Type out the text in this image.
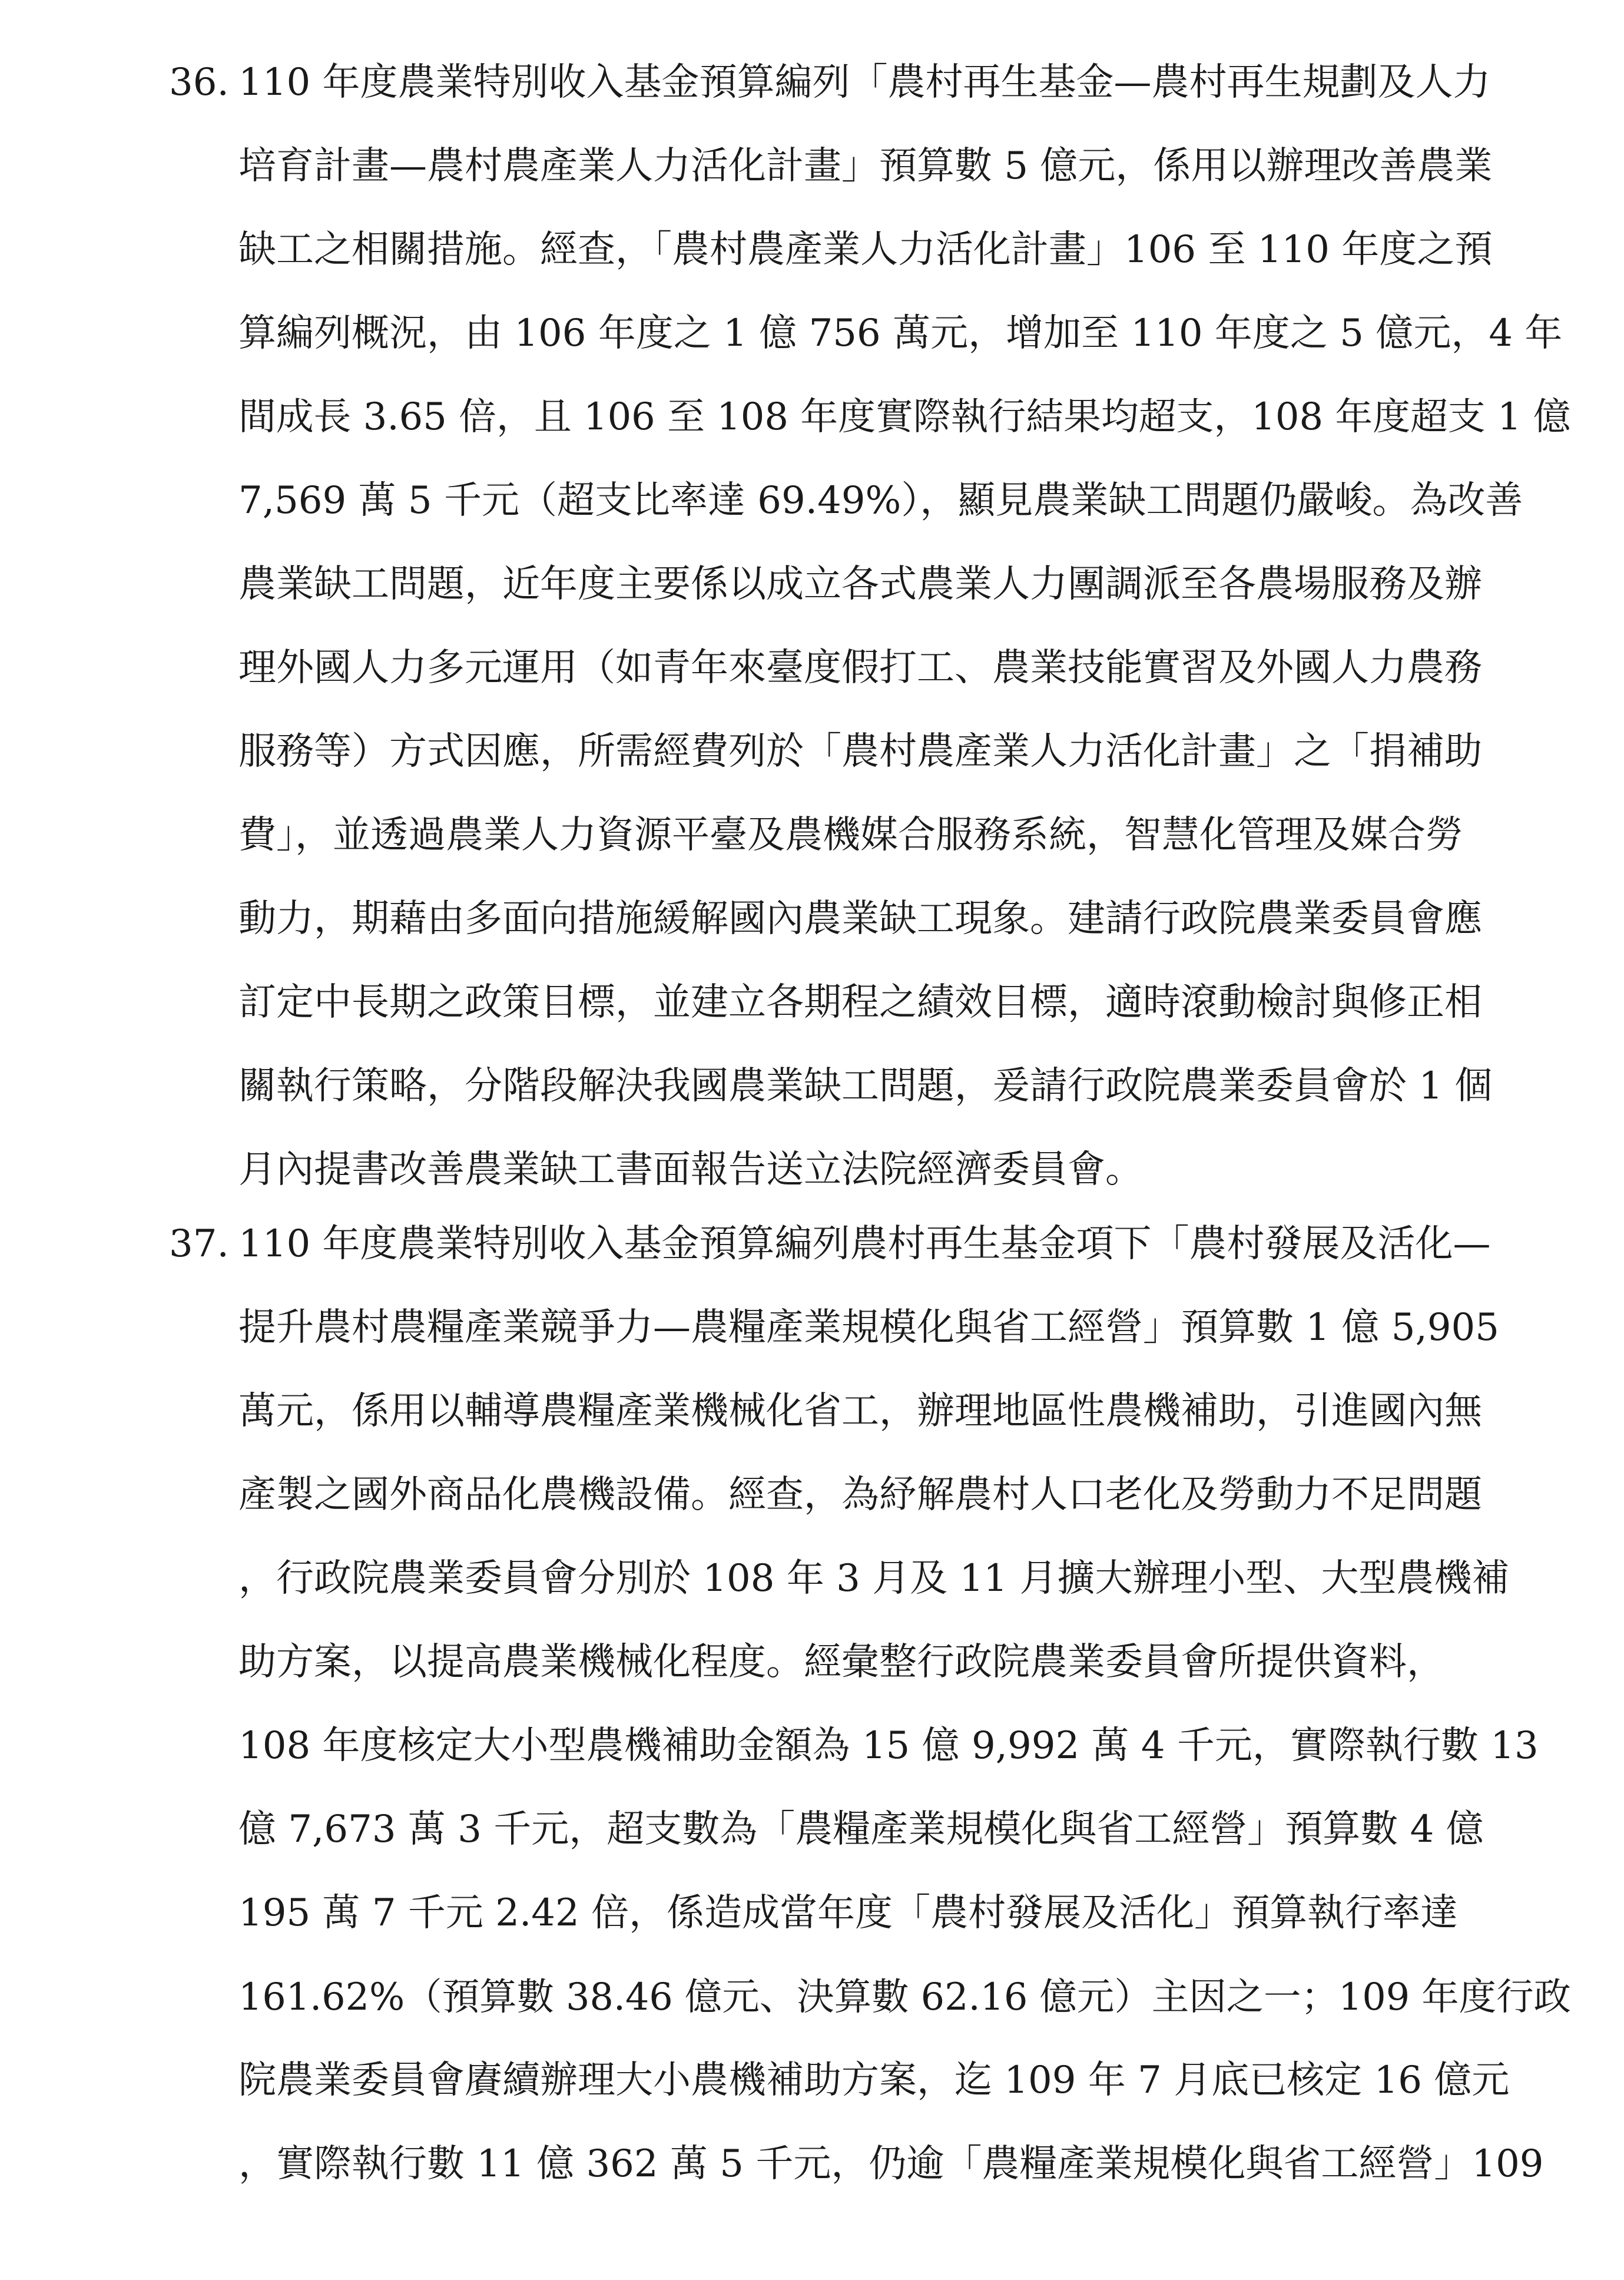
36. 110 年度農業特別收入基金預算編列「農村再生基金—農村再生規劃及人力

培育計畫—農村農產業人力活化計畫」預算數 5 億元，係用以辦理改善農業

缺工之相關措施。經查，「農村農產業人力活化計畫」106 至 110 年度之預

算編列概況，由 106 年度之 1 億 756 萬元，增加至 110 年度之 5 億元，4 年

間成長 3.65 倍，且 106 至 108 年度實際執行結果均超支，108 年度超支 1 億

7,569 萬 5 千元（超支比率達 69.49%），顯見農業缺工問題仍嚴峻。為改善

農業缺工問題，近年度主要係以成立各式農業人力團調派至各農場服務及辦

理外國人力多元運用（如青年來臺度假打工、農業技能實習及外國人力農務

服務等）方式因應，所需經費列於「農村農產業人力活化計畫」之「捐補助

費」，並透過農業人力資源平臺及農機媒合服務系統，智慧化管理及媒合勞

動力，期藉由多面向措施緩解國內農業缺工現象。建請行政院農業委員會應

訂定中長期之政策目標，並建立各期程之績效目標，適時滾動檢討與修正相

關執行策略，分階段解決我國農業缺工問題，爰請行政院農業委員會於 1 個

月內提書改善農業缺工書面報告送立法院經濟委員會。

37. 110 年度農業特別收入基金預算編列農村再生基金項下「農村發展及活化—

提升農村農糧產業競爭力—農糧產業規模化與省工經營」預算數 1 億 5,905

萬元，係用以輔導農糧產業機械化省工，辦理地區性農機補助，引進國內無

產製之國外商品化農機設備。經查，為紓解農村人口老化及勞動力不足問題

，行政院農業委員會分別於 108 年 3 月及 11 月擴大辦理小型、大型農機補

助方案，以提高農業機械化程度。經彙整行政院農業委員會所提供資料，

108 年度核定大小型農機補助金額為 15 億 9,992 萬 4 千元，實際執行數 13

億 7,673 萬 3 千元，超支數為「農糧產業規模化與省工經營」預算數 4 億

195 萬 7 千元 2.42 倍，係造成當年度「農村發展及活化」預算執行率達

161.62%（預算數 38.46 億元、決算數 62.16 億元）主因之一；109 年度行政

院農業委員會賡續辦理大小農機補助方案，迄 109 年 7 月底已核定 16 億元

，實際執行數 11 億 362 萬 5 千元，仍逾「農糧產業規模化與省工經營」109
